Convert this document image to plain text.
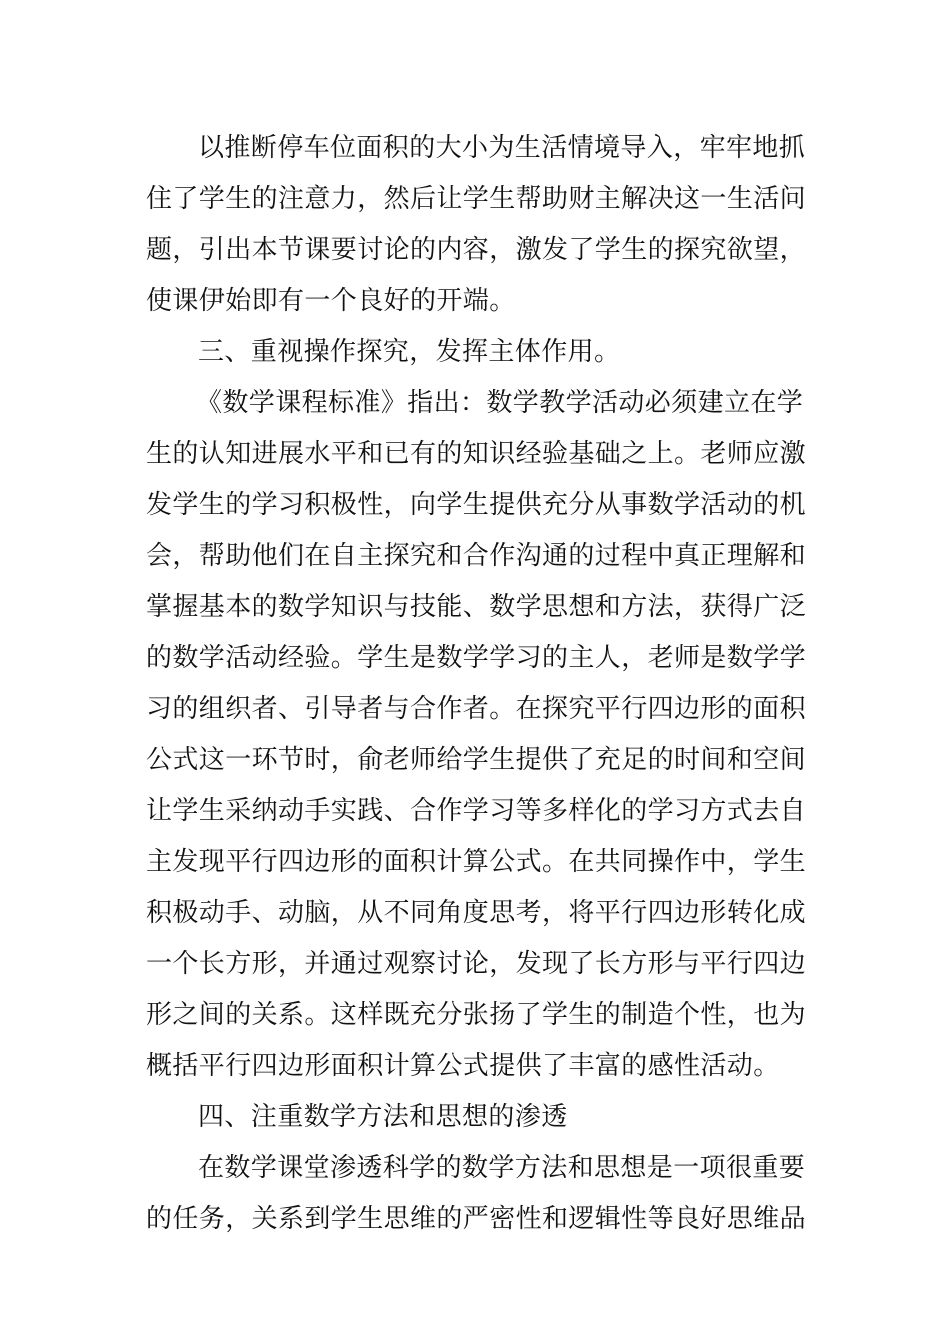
以推断停车位面积的大小为生活情境导入，牢牢地抓
住了学生的注意力，然后让学生帮助财主解决这一生活问
题，引出本节课要讨论的内容，激发了学生的探究欲望，
使课伊始即有一个良好的开端。
三、重视操作探究，发挥主体作用。
《数学课程标准》指出：数学教学活动必须建立在学
生的认知进展水平和已有的知识经验基础之上。老师应激
发学生的学习积极性，向学生提供充分从事数学活动的机
会，帮助他们在自主探究和合作沟通的过程中真正理解和
掌握基本的数学知识与技能、数学思想和方法，获得广泛
的数学活动经验。学生是数学学习的主人，老师是数学学
习的组织者、引导者与合作者。在探究平行四边形的面积
公式这一环节时，俞老师给学生提供了充足的时间和空间
让学生采纳动手实践、合作学习等多样化的学习方式去自
主发现平行四边形的面积计算公式。在共同操作中，学生
积极动手、动脑，从不同角度思考，将平行四边形转化成
一个长方形，并通过观察讨论，发现了长方形与平行四边
形之间的关系。这样既充分张扬了学生的制造个性，也为
概括平行四边形面积计算公式提供了丰富的感性活动。
四、注重数学方法和思想的渗透
在数学课堂渗透科学的数学方法和思想是一项很重要
的任务，关系到学生思维的严密性和逻辑性等良好思维品
